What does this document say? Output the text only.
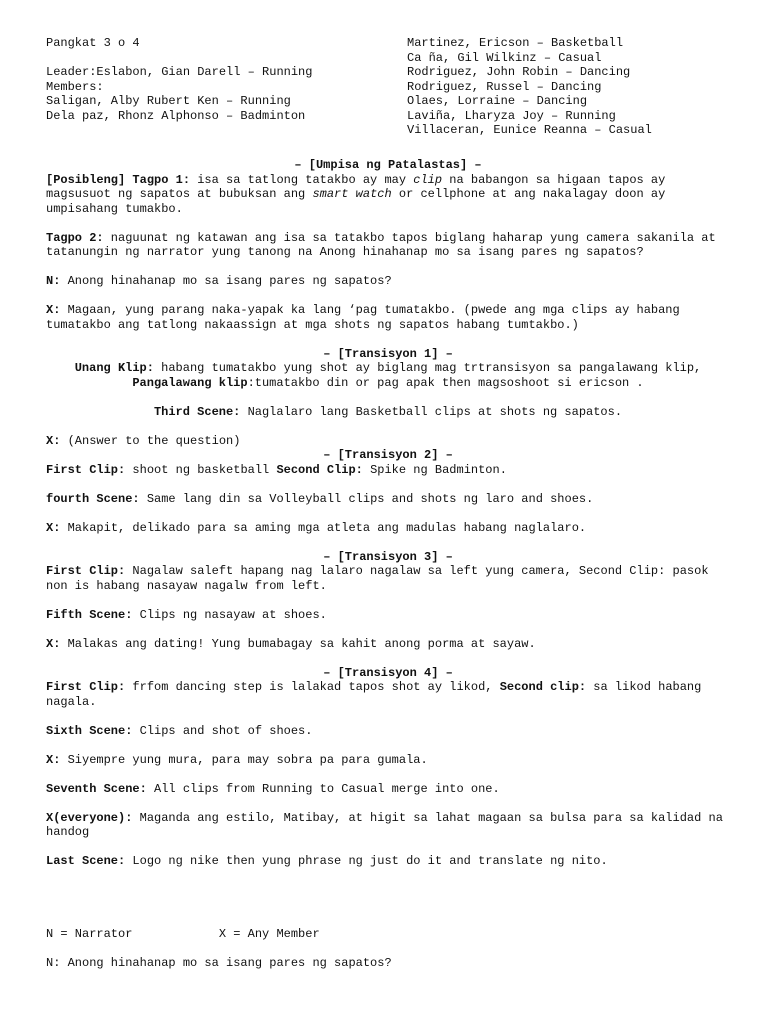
Pangkat 3 o 4

Leader:Eslabon, Gian Darell – Running
Members:
Saligan, Alby Rubert Ken – Running
Dela paz, Rhonz Alphonso – Badminton
Martinez, Ericson – Basketball
Ca ña, Gil Wilkinz – Casual
Rodriguez, John Robin – Dancing
Rodriguez, Russel – Dancing
Olaes, Lorraine – Dancing
Laviña, Lharyza Joy – Running
Villaceran, Eunice Reanna – Casual

– [Umpisa ng Patalastas] –

[Posibleng] Tagpo 1: isa sa tatlong tatakbo ay may clip na babangon sa higaan tapos ay magsusuot ng sapatos at bubuksan ang smart watch or cellphone at ang nakalagay doon ay umpisahang tumakbo.

Tagpo 2: naguunat ng katawan ang isa sa tatakbo tapos biglang haharap yung camera sakanila at tatanungin ng narrator yung tanong na Anong hinahanap mo sa isang pares ng sapatos?

N: Anong hinahanap mo sa isang pares ng sapatos?

X: Magaan, yung parang naka-yapak ka lang ‘pag tumatakbo. (pwede ang mga clips ay habang tumatakbo ang tatlong nakaassign at mga shots ng sapatos habang tumtakbo.)

– [Transisyon 1] –

Unang Klip: habang tumatakbo yung shot ay biglang mag trtransisyon sa pangalawang klip, Pangalawang klip:tumatakbo din or pag apak then magsoshoot si ericson .

Third Scene: Naglalaro lang Basketball clips at shots ng sapatos.

X: (Answer to the question)

– [Transisyon 2] –

First Clip: shoot ng basketball Second Clip: Spike ng Badminton.

fourth Scene: Same lang din sa Volleyball clips and shots ng laro and shoes.

X: Makapit, delikado para sa aming mga atleta ang madulas habang naglalaro.

– [Transisyon 3] –

First Clip: Nagalaw saleft hapang nag lalaro nagalaw sa left yung camera, Second Clip: pasok non is habang nasayaw nagalw from left.

Fifth Scene: Clips ng nasayaw at shoes.

X: Malakas ang dating! Yung bumabagay sa kahit anong porma at sayaw.

– [Transisyon 4] –

First Clip: frfom dancing step is lalakad tapos shot ay likod, Second clip: sa likod habang nagala.

Sixth Scene: Clips and shot of shoes.

X: Siyempre yung mura, para may sobra pa para gumala.

Seventh Scene: All clips from Running to Casual merge into one.

X(everyone): Maganda ang estilo, Matibay, at higit sa lahat magaan sa bulsa para sa kalidad na handog

Last Scene: Logo ng nike then yung phrase ng just do it and translate ng nito.

N = Narrator	X = Any Member

N: Anong hinahanap mo sa isang pares ng sapatos?
